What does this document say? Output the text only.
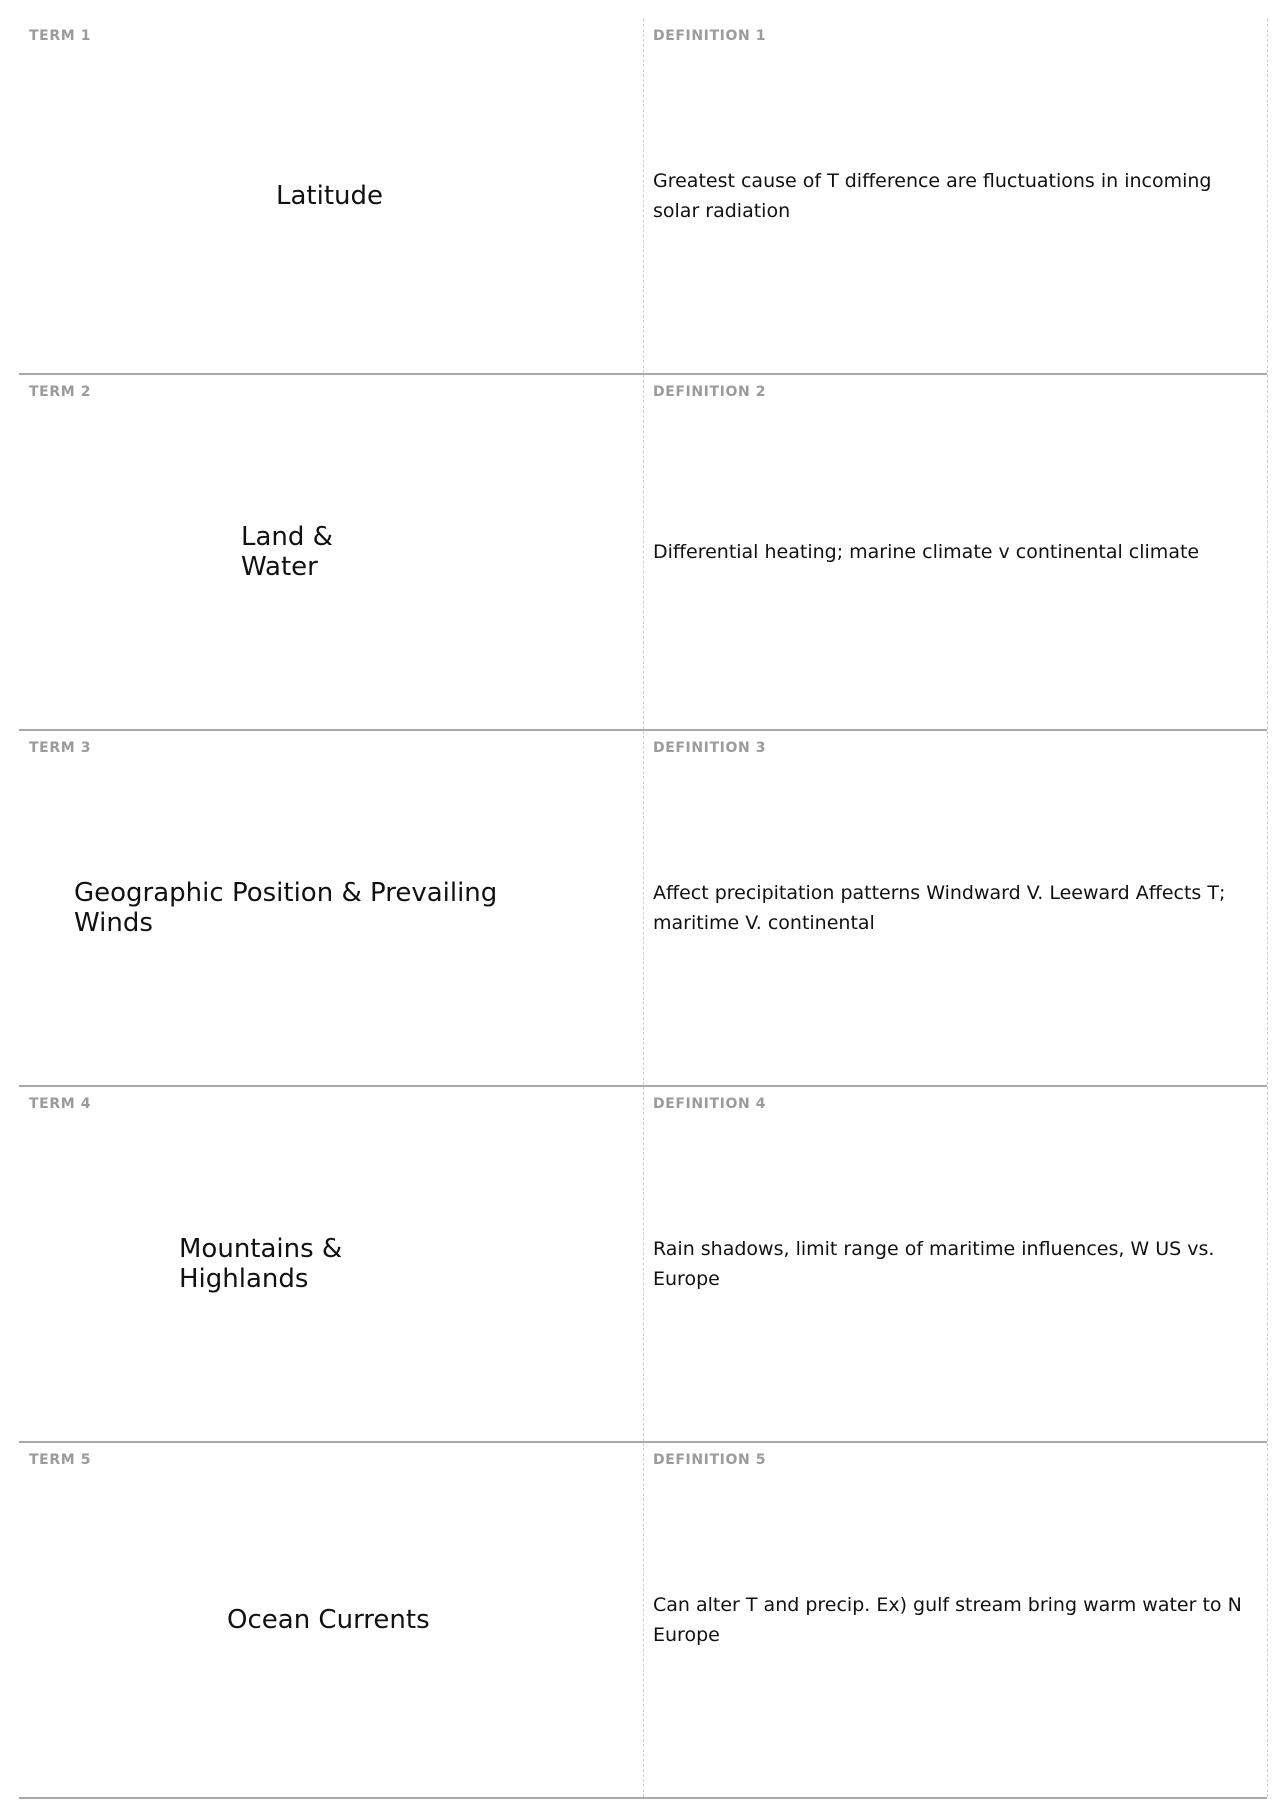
TERM 1
Latitude
DEFINITION 1
Greatest cause of T difference are fluctuations in incoming solar radiation
TERM 2
Land &
Water
DEFINITION 2
Differential heating; marine climate v continental climate
TERM 3
Geographic Position & Prevailing
Winds
DEFINITION 3
Affect precipitation patterns Windward V. Leeward Affects T; maritime V. continental
TERM 4
Mountains &
Highlands
DEFINITION 4
Rain shadows, limit range of maritime influences, W US vs. Europe
TERM 5
Ocean Currents
DEFINITION 5
Can alter T and precip. Ex) gulf stream bring warm water to N Europe
